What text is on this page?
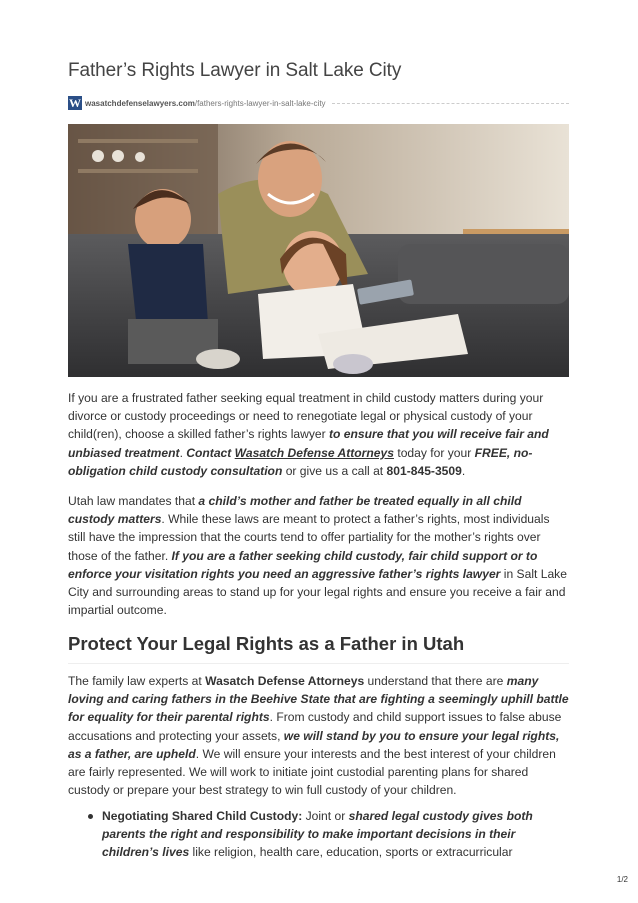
Father’s Rights Lawyer in Salt Lake City
W wasatchdefenselawyers.com /fathers-rights-lawyer-in-salt-lake-city

If you are a frustrated father seeking equal treatment in child custody matters during your divorce or custody proceedings or need to renegotiate legal or physical custody of your child(ren), choose a skilled father’s rights lawyer to ensure that you will receive fair and unbiased treatment. Contact Wasatch Defense Attorneys today for your FREE, no-obligation child custody consultation or give us a call at 801-845-3509.

Utah law mandates that a child’s mother and father be treated equally in all child custody matters. While these laws are meant to protect a father’s rights, most individuals still have the impression that the courts tend to offer partiality for the mother’s rights over those of the father. If you are a father seeking child custody, fair child support or to enforce your visitation rights you need an aggressive father’s rights lawyer in Salt Lake City and surrounding areas to stand up for your legal rights and ensure you receive a fair and impartial outcome.

Protect Your Legal Rights as a Father in Utah

The family law experts at Wasatch Defense Attorneys understand that there are many loving and caring fathers in the Beehive State that are fighting a seemingly uphill battle for equality for their parental rights. From custody and child support issues to false abuse accusations and protecting your assets, we will stand by you to ensure your legal rights, as a father, are upheld. We will ensure your interests and the best interest of your children are fairly represented. We will work to initiate joint custodial parenting plans for shared custody or prepare your best strategy to win full custody of your children.

Negotiating Shared Child Custody: Joint or shared legal custody gives both parents the right and responsibility to make important decisions in their children’s lives like religion, health care, education, sports or extracurricular
1/2
